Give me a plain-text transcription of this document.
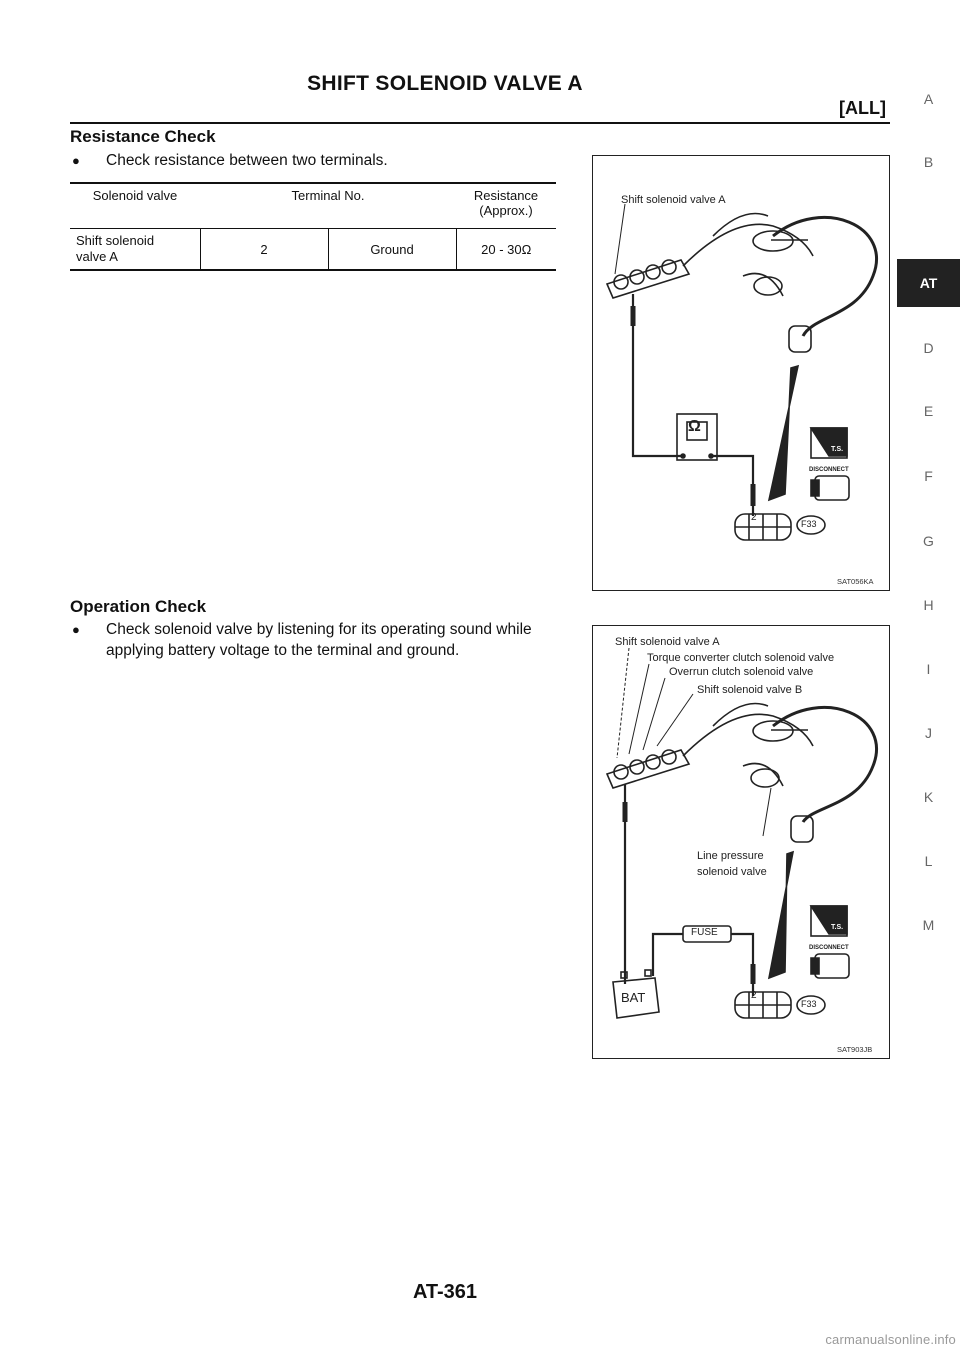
SHIFT SOLENOID VALVE A
[ALL]
Resistance Check
● Check resistance between two terminals.
Solenoid valve	Terminal No.		Resistance
(Approx.)
Shift solenoid
valve A	2	Ground	20 - 30Ω
Shift solenoid valve A
Ω
2
F33
T.S.
DISCONNECT
SAT056KA
Operation Check
● Check solenoid valve by listening for its operating sound while
applying battery voltage to the terminal and ground.	Shift solenoid valve A
Torque converter clutch solenoid valve
Overrun clutch solenoid valve
Shift solenoid valve B
Line pressure
solenoid valve
FUSE
BAT	2
F33
T.S.
DISCONNECT
SAT903JB
A
B
AT
D
E
F
G
H
I
J
K
L
M
AT-361
carmanualsonline.info
